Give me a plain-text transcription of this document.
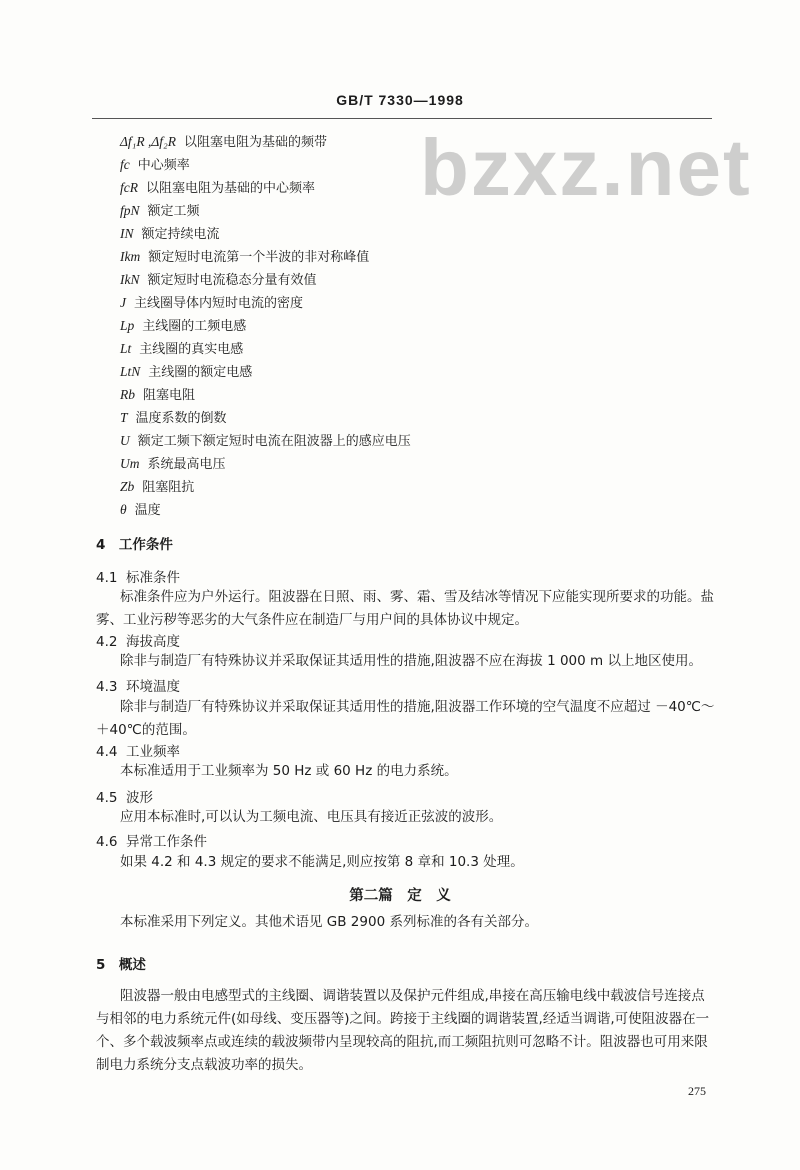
GB/T 7330—1998
bzxz.net
Δf₁R ,Δf₂R 以阻塞电阻为基础的频带
fc 中心频率
fcR 以阻塞电阻为基础的中心频率
fpN 额定工频
IN 额定持续电流
Ikm 额定短时电流第一个半波的非对称峰值
IkN 额定短时电流稳态分量有效值
J 主线圈导体内短时电流的密度
Lp 主线圈的工频电感
Lt 主线圈的真实电感
LtN 主线圈的额定电感
Rb 阻塞电阻
T 温度系数的倒数
U 额定工频下额定短时电流在阻波器上的感应电压
Um 系统最高电压
Zb 阻塞阻抗
θ 温度
4　工作条件
4.1 标准条件
标准条件应为户外运行。阻波器在日照、雨、雾、霜、雪及结冰等情况下应能实现所要求的功能。盐雾、工业污秽等恶劣的大气条件应在制造厂与用户间的具体协议中规定。
4.2 海拔高度
除非与制造厂有特殊协议并采取保证其适用性的措施,阻波器不应在海拔 1 000 m 以上地区使用。
4.3 环境温度
除非与制造厂有特殊协议并采取保证其适用性的措施,阻波器工作环境的空气温度不应超过 －40℃～＋40℃的范围。
4.4 工业频率
本标准适用于工业频率为 50 Hz 或 60 Hz 的电力系统。
4.5 波形
应用本标准时,可以认为工频电流、电压具有接近正弦波的波形。
4.6 异常工作条件
如果 4.2 和 4.3 规定的要求不能满足,则应按第 8 章和 10.3 处理。
第二篇　定　义
本标准采用下列定义。其他术语见 GB 2900 系列标准的各有关部分。
5　概述
阻波器一般由电感型式的主线圈、调谐装置以及保护元件组成,串接在高压输电线中载波信号连接点与相邻的电力系统元件(如母线、变压器等)之间。跨接于主线圈的调谐装置,经适当调谐,可使阻波器在一个、多个载波频率点或连续的载波频带内呈现较高的阻抗,而工频阻抗则可忽略不计。阻波器也可用来限制电力系统分支点载波功率的损失。
275
